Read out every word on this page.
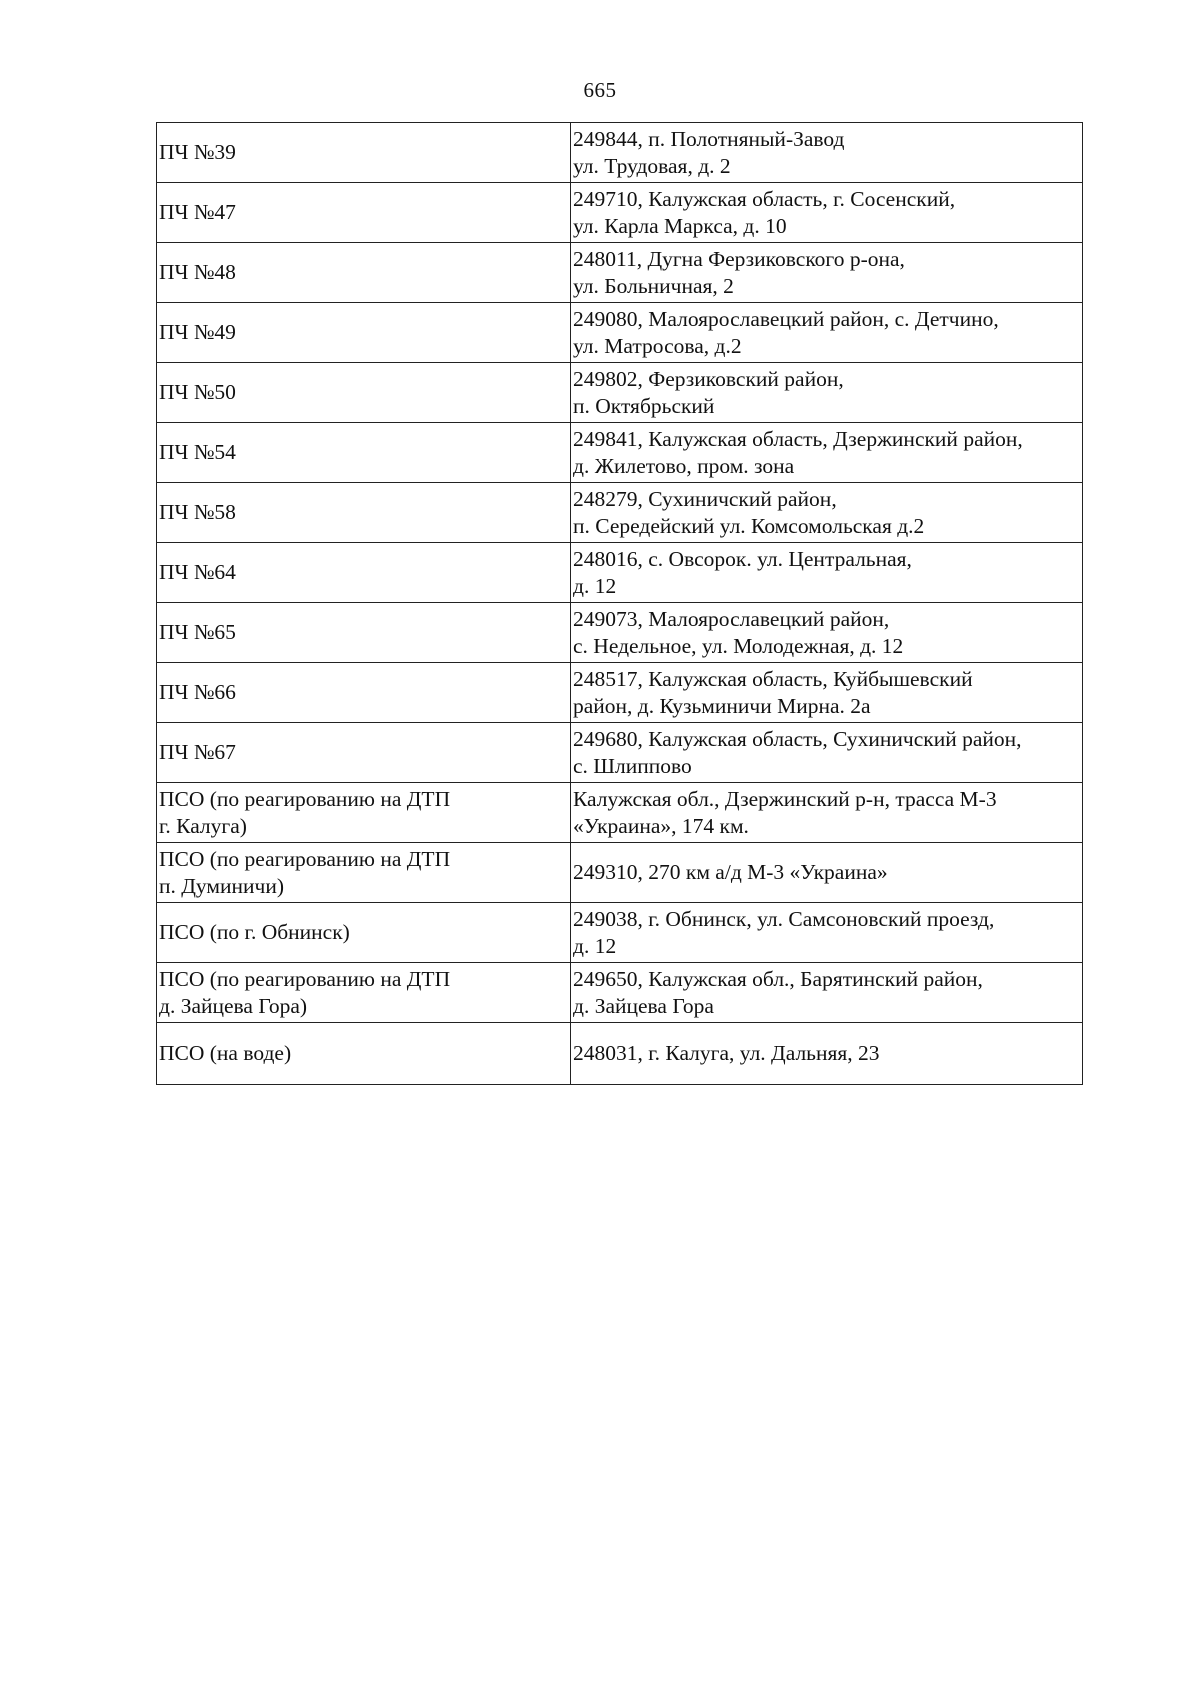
665
ПЧ №39	249844, п. Полотняный-Завод
ул. Трудовая, д. 2
ПЧ №47	249710, Калужская область, г. Сосенский,
ул. Карла Маркса, д. 10
ПЧ №48	248011, Дугна Ферзиковского р-она,
ул. Больничная, 2
ПЧ №49	249080, Малоярославецкий район, с. Детчино,
ул. Матросова, д.2
ПЧ №50	249802, Ферзиковский район,
п. Октябрьский
ПЧ №54	249841, Калужская область, Дзержинский район,
д. Жилетово, пром. зона
ПЧ №58	248279, Сухиничский район,
п. Середейский ул. Комсомольская д.2
ПЧ №64	248016, с. Овсорок. ул. Центральная,
д. 12
ПЧ №65	249073, Малоярославецкий район,
с. Недельное, ул. Молодежная, д. 12
ПЧ №66	248517, Калужская область, Куйбышевский
район, д. Кузьминичи Мирна. 2а
ПЧ №67	249680, Калужская область, Сухиничский район,
с. Шлиппово
ПСО (по реагированию на ДТП
г. Калуга)	Калужская обл., Дзержинский р-н, трасса М-3
«Украина», 174 км.
ПСО (по реагированию на ДТП
п. Думиничи)	249310, 270 км а/д М-3 «Украина»
ПСО (по г. Обнинск)	249038, г. Обнинск, ул. Самсоновский проезд,
д. 12
ПСО (по реагированию на ДТП
д. Зайцева Гора)	249650, Калужская обл., Барятинский район,
д. Зайцева Гора
ПСО (на воде)	248031, г. Калуга, ул. Дальняя, 23
